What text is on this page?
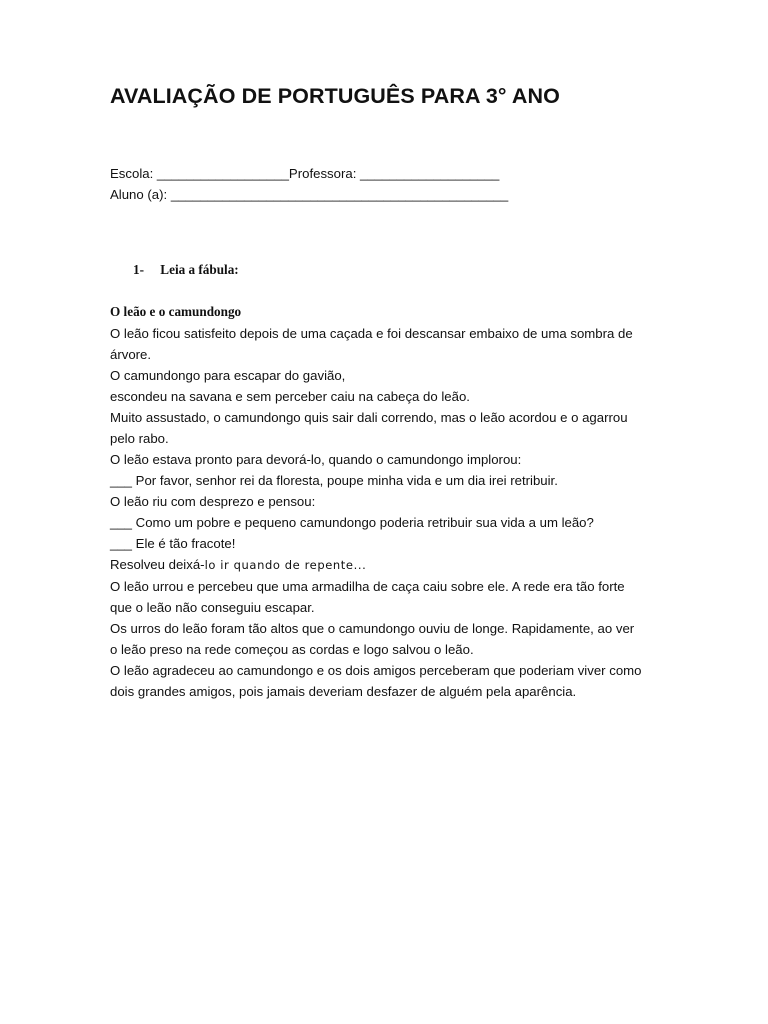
AVALIAÇÃO DE PORTUGUÊS PARA 3° ANO
Escola: __________________Professora: ___________________
Aluno (a): ______________________________________________
1- Leia a fábula:
O leão e o camundongo
O leão ficou satisfeito depois de uma caçada e foi descansar embaixo de uma sombra de
árvore.
O camundongo para escapar do gavião,
escondeu na savana e sem perceber caiu na cabeça do leão.
Muito assustado, o camundongo quis sair dali correndo, mas o leão acordou e o agarrou
pelo rabo.
O leão estava pronto para devorá-lo, quando o camundongo implorou:
___ Por favor, senhor rei da floresta, poupe minha vida e um dia irei retribuir.
O leão riu com desprezo e pensou:
___ Como um pobre e pequeno camundongo poderia retribuir sua vida a um leão?
___ Ele é tão fracote!
Resolveu deixá-lo ir quando de repente...
O leão urrou e percebeu que uma armadilha de caça caiu sobre ele. A rede era tão forte
que o leão não conseguiu escapar.
Os urros do leão foram tão altos que o camundongo ouviu de longe. Rapidamente, ao ver
o leão preso na rede começou as cordas e logo salvou o leão.
O leão agradeceu ao camundongo e os dois amigos perceberam que poderiam viver como
dois grandes amigos, pois jamais deveriam desfazer de alguém pela aparência.
